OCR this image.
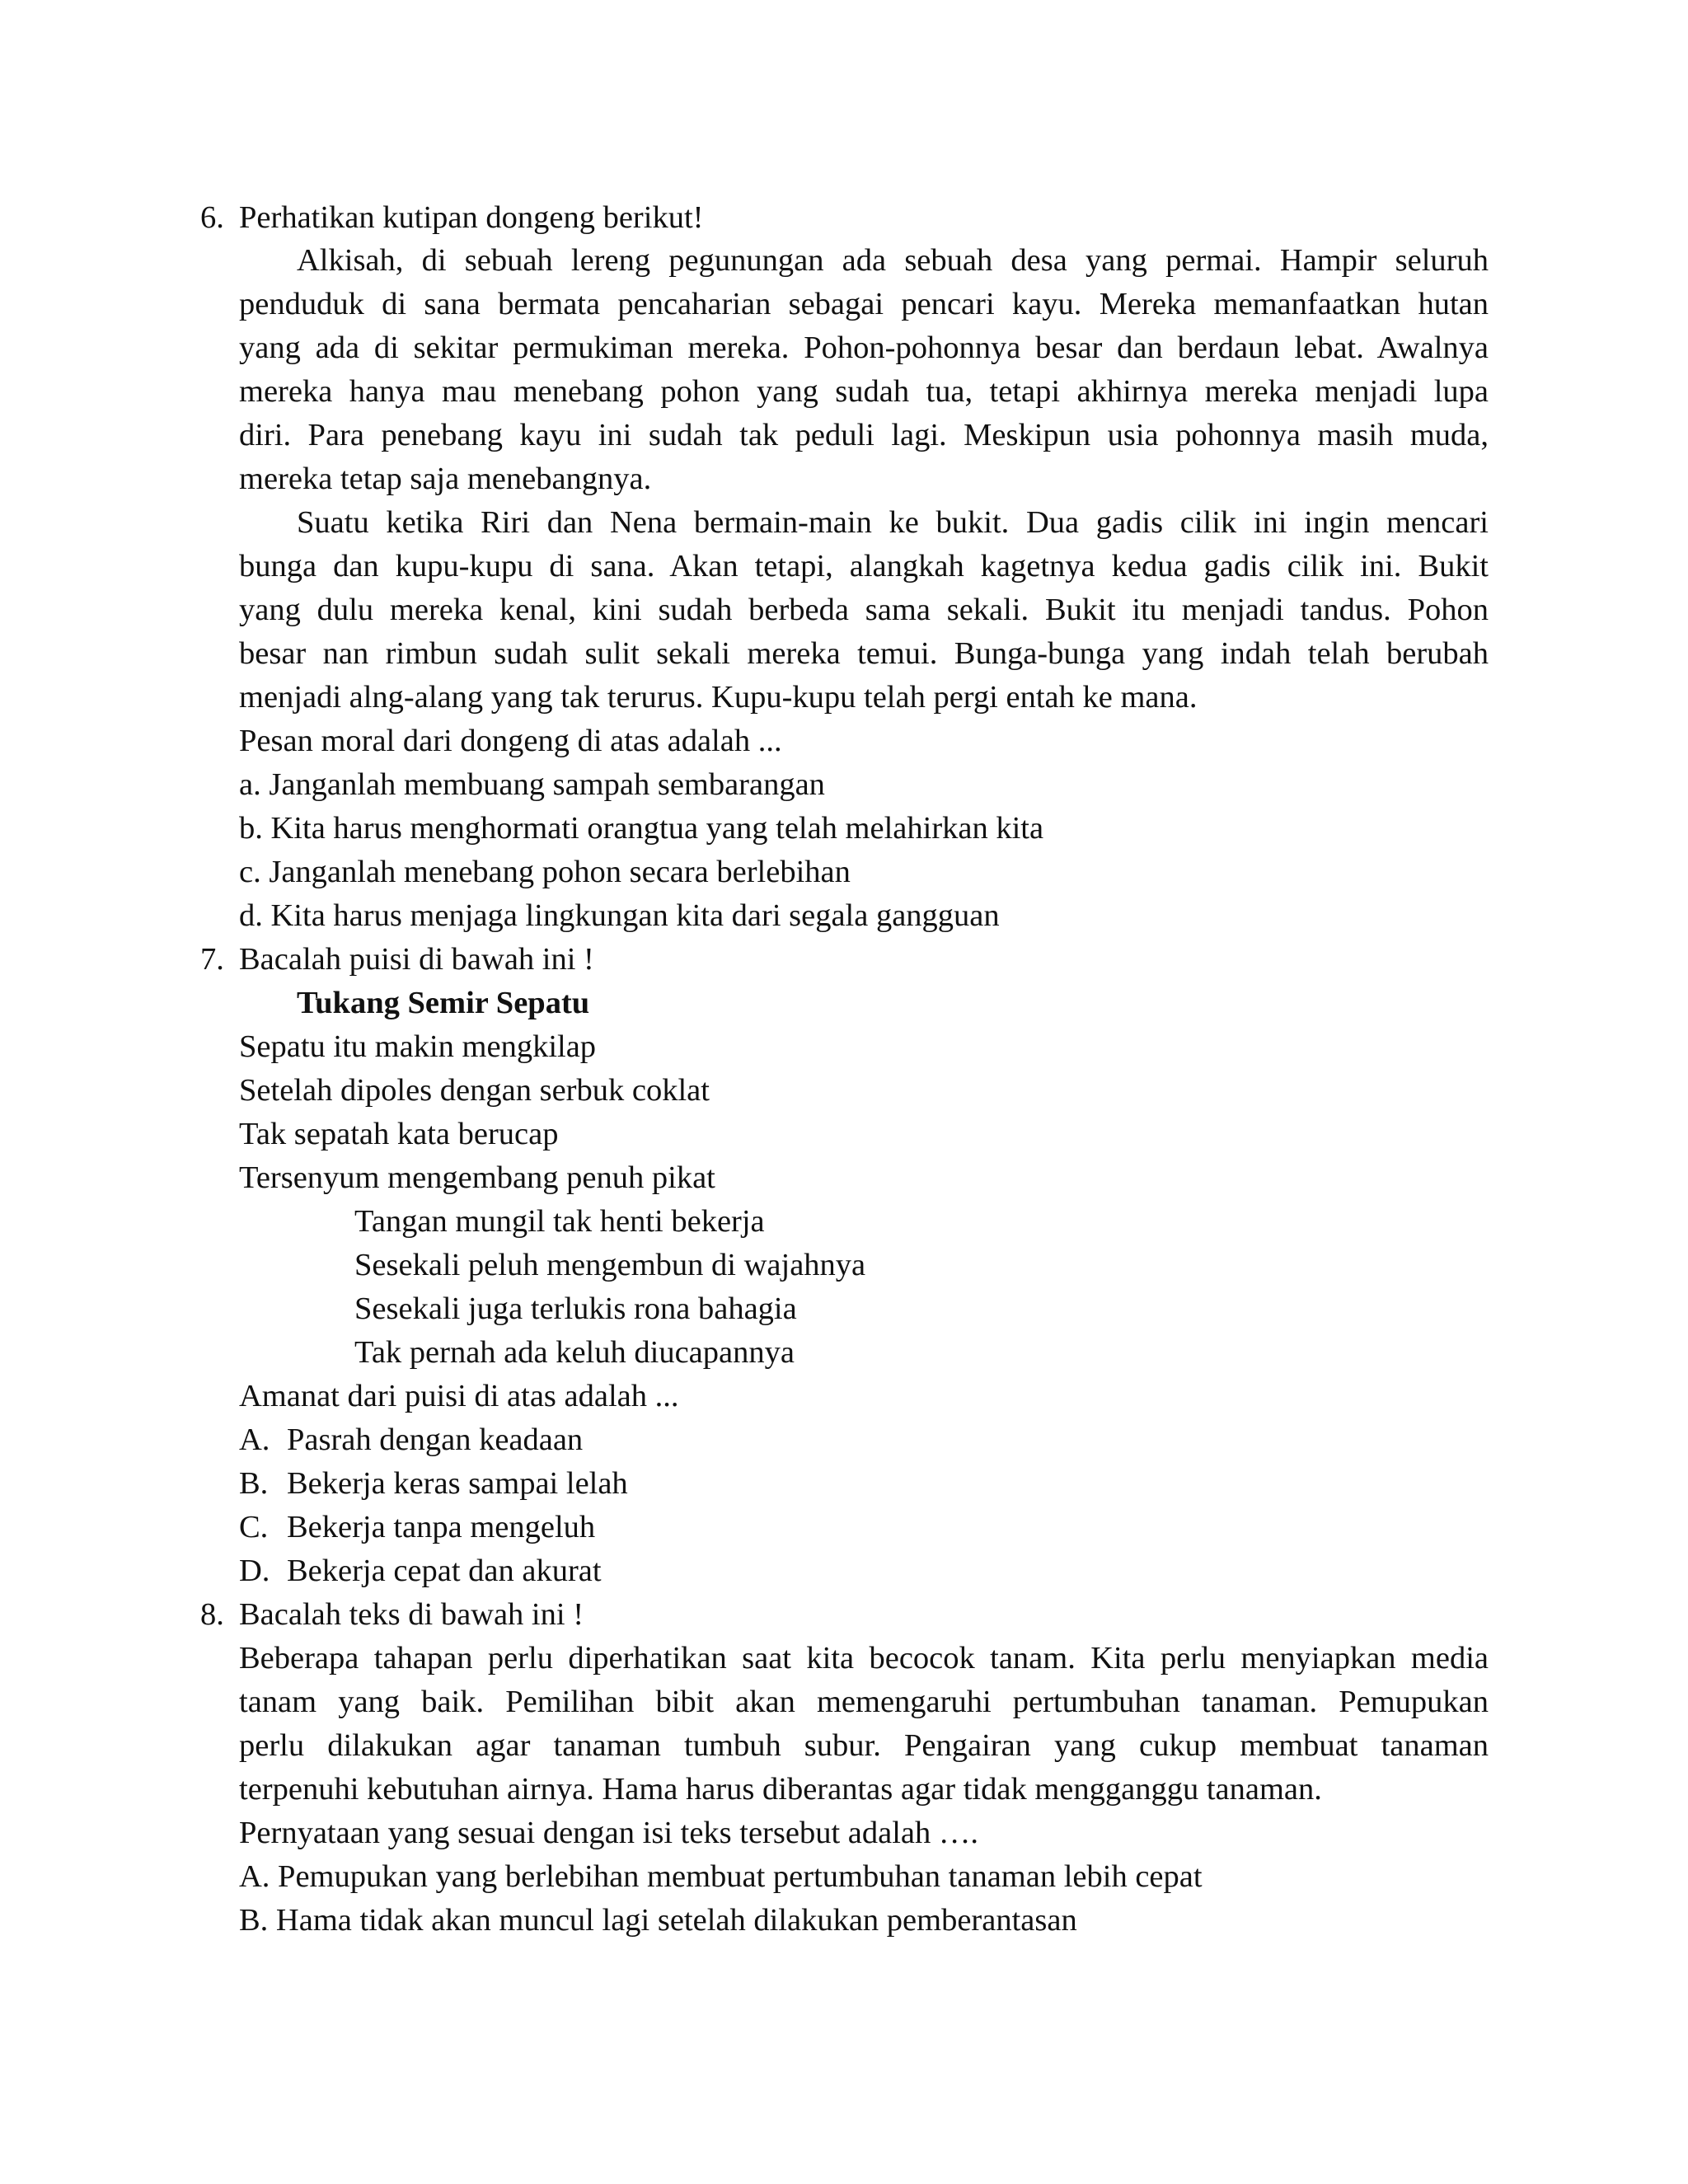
6. Perhatikan kutipan dongeng berikut!
Alkisah, di sebuah lereng pegunungan ada sebuah desa yang permai. Hampir seluruh
penduduk di sana bermata pencaharian sebagai pencari kayu. Mereka memanfaatkan hutan
yang ada di sekitar permukiman mereka. Pohon-pohonnya besar dan berdaun lebat. Awalnya
mereka hanya mau menebang pohon yang sudah tua, tetapi akhirnya mereka menjadi lupa
diri. Para penebang kayu ini sudah tak peduli lagi. Meskipun usia pohonnya masih muda,
mereka tetap saja menebangnya.
Suatu ketika Riri dan Nena bermain-main ke bukit. Dua gadis cilik ini ingin mencari
bunga dan kupu-kupu di sana. Akan tetapi, alangkah kagetnya kedua gadis cilik ini. Bukit
yang dulu mereka kenal, kini sudah berbeda sama sekali. Bukit itu menjadi tandus. Pohon
besar nan rimbun sudah sulit sekali mereka temui. Bunga-bunga yang indah telah berubah
menjadi alng-alang yang tak terurus. Kupu-kupu telah pergi entah ke mana.
Pesan moral dari dongeng di atas adalah ...
a. Janganlah membuang sampah sembarangan
b. Kita harus menghormati orangtua yang telah melahirkan kita
c. Janganlah menebang pohon secara berlebihan
d. Kita harus menjaga lingkungan kita dari segala gangguan
7. Bacalah puisi di bawah ini !
Tukang Semir Sepatu
Sepatu itu makin mengkilap
Setelah dipoles dengan serbuk coklat
Tak sepatah kata berucap
Tersenyum mengembang penuh pikat
Tangan mungil tak henti bekerja
Sesekali peluh mengembun di wajahnya
Sesekali juga terlukis rona bahagia
Tak pernah ada keluh diucapannya
Amanat dari puisi di atas adalah ...
A. Pasrah dengan keadaan
B. Bekerja keras sampai lelah
C. Bekerja tanpa mengeluh
D. Bekerja cepat dan akurat
8. Bacalah teks di bawah ini !
Beberapa tahapan perlu diperhatikan saat kita becocok tanam. Kita perlu menyiapkan media
tanam yang baik. Pemilihan bibit akan memengaruhi pertumbuhan tanaman. Pemupukan
perlu dilakukan agar tanaman tumbuh subur. Pengairan yang cukup membuat tanaman
terpenuhi kebutuhan airnya. Hama harus diberantas agar tidak mengganggu tanaman.
Pernyataan yang sesuai dengan isi teks tersebut adalah ….
A. Pemupukan yang berlebihan membuat pertumbuhan tanaman lebih cepat
B. Hama tidak akan muncul lagi setelah dilakukan pemberantasan
